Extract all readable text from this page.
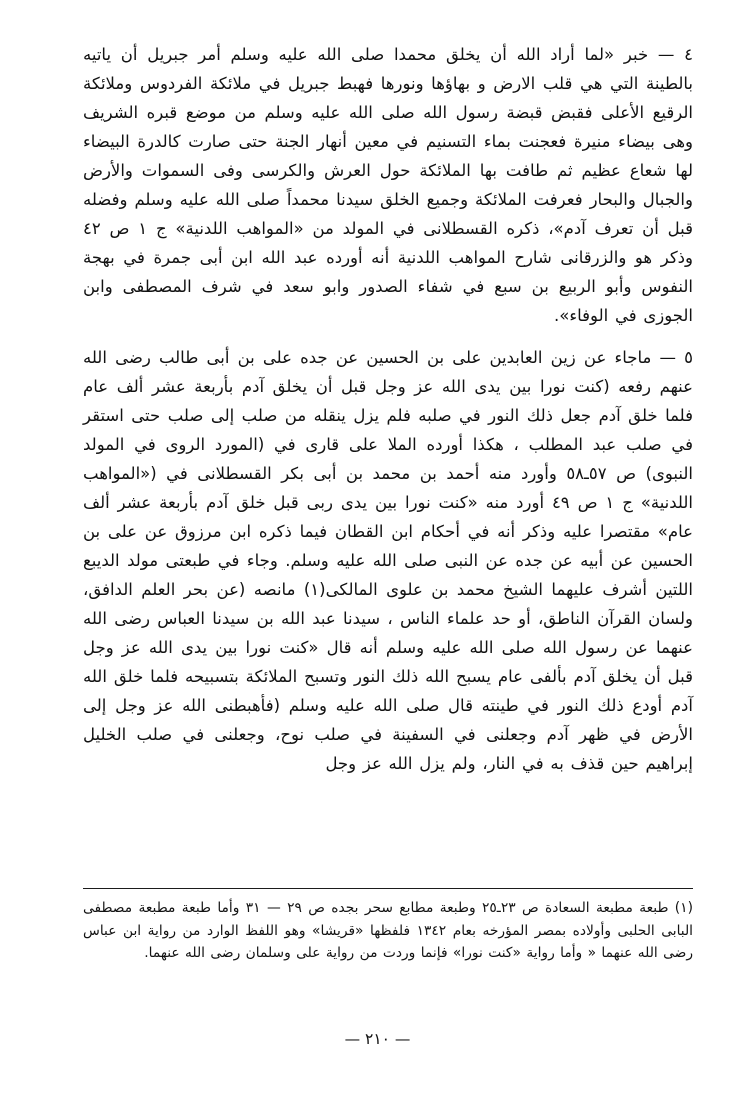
٤ — خبر «لما أراد الله أن يخلق محمدا صلى الله عليه وسلم أمر جبريل أن ياتيه بالطينة التي هي قلب الارض و بهاؤها ونورها فهبط جبريل في ملائكة الفردوس وملائكة الرقيع الأعلى فقبض قبضة رسول الله صلى الله عليه وسلم من موضع قبره الشريف وهى بيضاء منيرة فعجنت بماء التسنيم في معين أنهار الجنة حتى صارت كالدرة البيضاء لها شعاع عظيم ثم طافت بها الملائكة حول العرش والكرسى وفى السموات والأرض والجبال والبحار فعرفت الملائكة وجميع الخلق سيدنا محمداً صلى الله عليه وسلم وفضله قبل أن تعرف آدم»، ذكره القسطلانى في المولد من «المواهب اللدنية» ج ١ ص ٤٢ وذكر هو والزرقانى شارح المواهب اللدنية أنه أورده عبد الله ابن أبى جمرة في بهجة النفوس وأبو الربيع بن سبع في شفاء الصدور وابو سعد في شرف المصطفى وابن الجوزى في الوفاء».

٥ — ماجاء عن زين العابدين على بن الحسين عن جده على بن أبى طالب رضى الله عنهم رفعه (كنت نورا بين يدى الله عز وجل قبل أن يخلق آدم بأربعة عشر ألف عام فلما خلق آدم جعل ذلك النور في صلبه فلم يزل ينقله من صلب إلى صلب حتى استقر في صلب عبد المطلب ، هكذا أورده الملا على قارى في (المورد الروى في المولد النبوى) ص ٥٧ـ٥٨ وأورد منه أحمد بن محمد بن أبى بكر القسطلانى في («المواهب اللدنية» ج ١ ص ٤٩ أورد منه «كنت نورا بين يدى ربى قبل خلق آدم بأربعة عشر ألف عام» مقتصرا عليه وذكر أنه في أحكام ابن القطان فيما ذكره ابن مرزوق عن على بن الحسين عن أبيه عن جده عن النبى صلى الله عليه وسلم. وجاء في طبعتى مولد الديبع اللتين أشرف عليهما الشيخ محمد بن علوى المالكى(١) مانصه (عن بحر العلم الدافق، ولسان القرآن الناطق، أو حد علماء الناس ، سيدنا عبد الله بن سيدنا العباس رضى الله عنهما عن رسول الله صلى الله عليه وسلم أنه قال «كنت نورا بين يدى الله عز وجل قبل أن يخلق آدم بألفى عام يسبح الله ذلك النور وتسبح الملائكة بتسبيحه فلما خلق الله آدم أودع ذلك النور في طينته قال صلى الله عليه وسلم (فأهبطنى الله عز وجل إلى الأرض في ظهر آدم وجعلنى في السفينة في صلب نوح، وجعلنى في صلب الخليل إبراهيم حين قذف به في النار، ولم يزل الله عز وجل

(١) طبعة مطبعة السعادة ص ٢٣ـ٢٥ وطبعة مطابع سحر بجده ص ٢٩ — ٣١ وأما طبعة مطبعة مصطفى البابى الحلبى وأولاده بمصر المؤرخه بعام ١٣٤٢ فلفظها «قريشا» وهو اللفظ الوارد من رواية ابن عباس رضى الله عنهما « وأما رواية «كنت نورا» فإنما وردت من رواية على وسلمان رضى الله عنهما.
— ٢١٠ —
